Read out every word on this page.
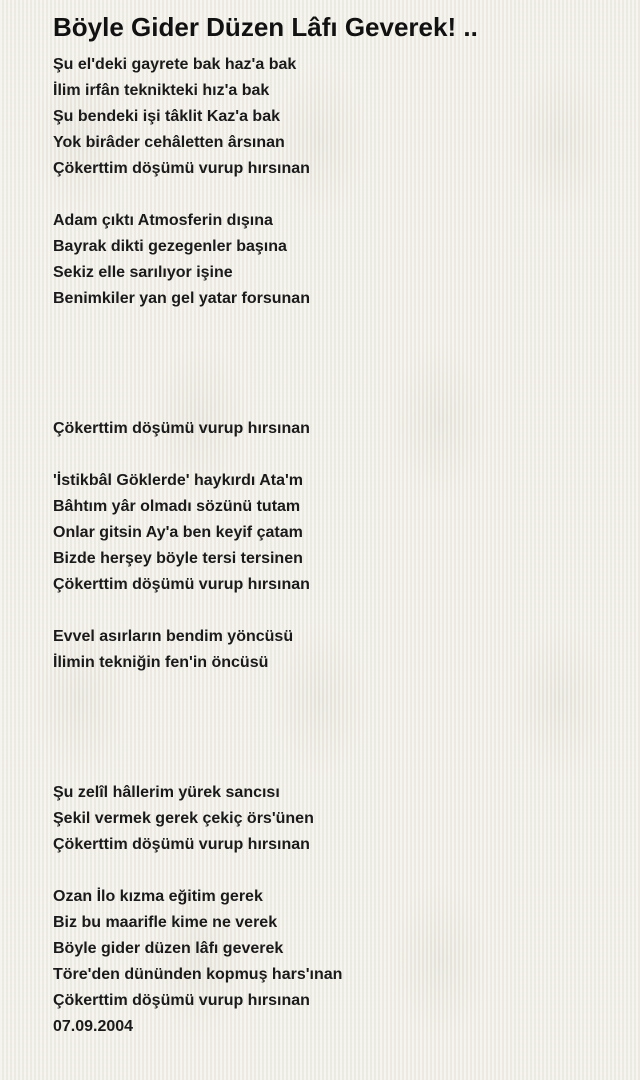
Böyle Gider Düzen Lâfı Geverek! ..
Şu el'deki gayrete bak haz'a bak
İlim irfân teknikteki hız'a bak
Şu bendeki işi tâklit Kaz'a bak
Yok birâder cehâletten ârsınan
Çökerttim döşümü vurup hırsınan
Adam çıktı Atmosferin dışına
Bayrak dikti gezegenler başına
Sekiz elle sarılıyor işine
Benimkiler yan gel yatar forsunan
Çökerttim döşümü vurup hırsınan
'İstikbâl Göklerde' haykırdı Ata'm
Bâhtım yâr olmadı sözünü tutam
Onlar gitsin Ay'a ben keyif çatam
Bizde herşey böyle tersi tersinen
Çökerttim döşümü vurup hırsınan
Evvel asırların bendim yöncüsü
İlimin tekniğin fen'in öncüsü
Şu zelîl hâllerim yürek sancısı
Şekil vermek gerek çekiç örs'ünen
Çökerttim döşümü vurup hırsınan
Ozan İlo kızma eğitim gerek
Biz bu maarifle kime ne verek
Böyle gider düzen lâfı geverek
Töre'den dününden kopmuş hars'ınan
Çökerttim döşümü vurup hırsınan
07.09.2004
